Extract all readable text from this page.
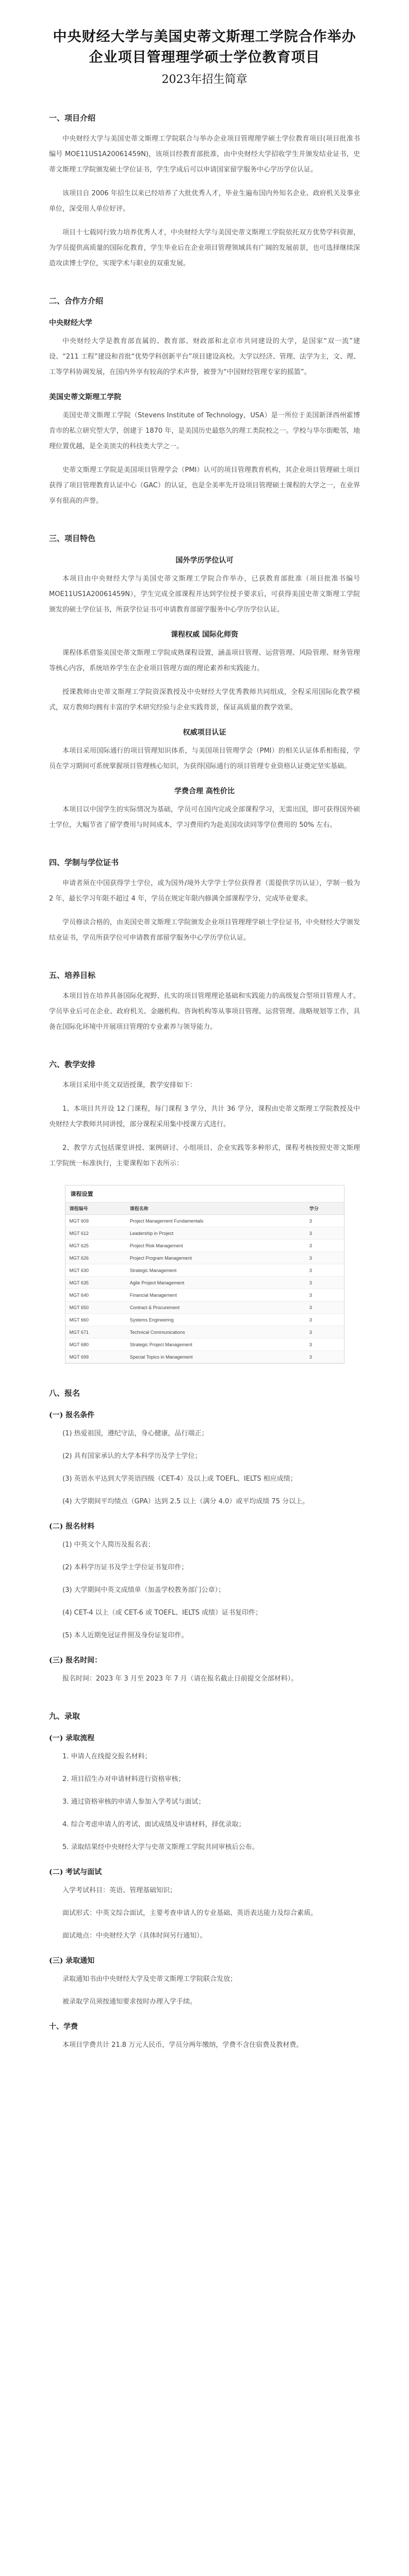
中央财经大学与美国史蒂文斯理工学院合作举办企业项目管理理学硕士学位教育项目
2023年招生简章
一、项目介绍

中央财经大学与美国史蒂文斯理工学院联合与举办企业项目管理理学硕士学位教育项目(项目批准书编号 MOE11US1A20061459N)，该项目经教育部批准，由中央财经大学招收学生并颁发结业证书，史蒂文斯理工学院颁发硕士学位证书，学生学成后可以申请国家留学服务中心学历学位认证。

该项目自 2006 年招生以来已经培养了大批优秀人才，毕业生遍布国内外知名企业、政府机关及事业单位，深受用人单位好评。

项目十七载同行致力培养优秀人才，中央财经大学与美国史蒂文斯理工学院依托双方优势学科资源，为学员提供高质量的国际化教育，学生毕业后在企业项目管理领域具有广阔的发展前景，也可选择继续深造攻读博士学位，实现学术与职业的双重发展。

二、合作方介绍
中央财经大学

中央财经大学是教育部直属的、教育部、财政部和北京市共同建设的大学，是国家“双一流”建设、“211 工程”建设和首批“优势学科创新平台”项目建设高校。大学以经济、管理、法学为主，文、理、工等学科协调发展，在国内外享有较高的学术声誉，被誉为“中国财经管理专家的摇篮”。

美国史蒂文斯理工学院

美国史蒂文斯理工学院（Stevens Institute of Technology，USA）是一所位于美国新泽西州霍博肯市的私立研究型大学，创建于 1870 年，是美国历史最悠久的理工类院校之一。学校与华尔街毗邻，地理位置优越，是全美顶尖的科技类大学之一。

史蒂文斯理工学院是美国项目管理学会（PMI）认可的项目管理教育机构，其企业项目管理硕士项目获得了项目管理教育认证中心（GAC）的认证，也是全美率先开设项目管理硕士课程的大学之一，在业界享有很高的声誉。

三、项目特色
国外学历学位认可

本项目由中央财经大学与美国史蒂文斯理工学院合作举办，已获教育部批准（项目批准书编号 MOE11US1A20061459N），学生完成全部课程并达到学位授予要求后，可获得美国史蒂文斯理工学院颁发的硕士学位证书，所获学位证书可申请教育部留学服务中心学历学位认证。

课程权威 国际化师资

课程体系借鉴美国史蒂文斯理工学院成熟课程设置，涵盖项目管理、运营管理、风险管理、财务管理等核心内容，系统培养学生在企业项目管理方面的理论素养和实践能力。

授课教师由史蒂文斯理工学院资深教授及中央财经大学优秀教师共同组成，全程采用国际化教学模式，双方教师均拥有丰富的学术研究经验与企业实践背景，保证高质量的教学效果。

权威项目认证

本项目采用国际通行的项目管理知识体系，与美国项目管理学会（PMI）的相关认证体系相衔接，学员在学习期间可系统掌握项目管理核心知识，为获得国际通行的项目管理专业资格认证奠定坚实基础。

学费合理 高性价比

本项目以中国学生的实际情况为基础，学员可在国内完成全部课程学习，无需出国，即可获得国外硕士学位，大幅节省了留学费用与时间成本，学习费用约为赴美国攻读同等学位费用的 50% 左右。

四、学制与学位证书

申请者须在中国获得学士学位，或为国外/境外大学学士学位获得者（需提供学历认证），学制一般为 2 年，最长学习年限不超过 4 年，学员在规定年限内修满全部课程学分，完成毕业要求。

学员修读合格的，由美国史蒂文斯理工学院颁发企业项目管理理学硕士学位证书，中央财经大学颁发结业证书，学员所获学位可申请教育部留学服务中心学历学位认证。

五、培养目标

本项目旨在培养具备国际化视野、扎实的项目管理理论基础和实践能力的高级复合型项目管理人才。学员毕业后可在企业、政府机关、金融机构、咨询机构等从事项目管理、运营管理、战略规划等工作，具备在国际化环境中开展项目管理的专业素养与领导能力。

六、教学安排

本项目采用中英文双语授课，教学安排如下：

1、本项目共开设 12 门课程，每门课程 3 学分，共计 36 学分，课程由史蒂文斯理工学院教授及中央财经大学教师共同讲授，部分课程采用集中授课方式进行。

2、教学方式包括课堂讲授、案例研讨、小组项目、企业实践等多种形式，课程考核按照史蒂文斯理工学院统一标准执行，主要课程如下表所示：

课程设置
课程编号	课程名称	学分
MGT 609	Project Management Fundamentals	3
MGT 612	Leadership in Project	3
MGT 625	Project Risk Management	3
MGT 626	Project Program Management	3
MGT 630	Strategic Management	3
MGT 635	Agile Project Management	3
MGT 640	Financial Management	3
MGT 650	Contract & Procurement	3
MGT 660	Systems Engineering	3
MGT 671	Technical Communications	3
MGT 680	Strategic Project Management	3
MGT 699	Special Topics in Management	3
八、报名
(一) 报名条件

(1) 热爱祖国，遵纪守法，身心健康，品行端正；

(2) 具有国家承认的大学本科学历及学士学位；

(3) 英语水平达到大学英语四级（CET-4）及以上或 TOEFL、IELTS 相应成绩；

(4) 大学期间平均绩点（GPA）达到 2.5 以上（满分 4.0）或平均成绩 75 分以上。

(二) 报名材料

(1) 中英文个人简历及报名表；

(2) 本科学历证书及学士学位证书复印件；

(3) 大学期间中英文成绩单（加盖学校教务部门公章）；

(4) CET-4 以上（或 CET-6 或 TOEFL、IELTS 成绩）证书复印件；

(5) 本人近期免冠证件照及身份证复印件。

(三) 报名时间：

报名时间：2023 年 3 月至 2023 年 7 月（请在报名截止日前提交全部材料）。

九、录取
(一) 录取流程

1. 申请人在线提交报名材料；

2. 项目招生办对申请材料进行资格审核；

3. 通过资格审核的申请人参加入学考试与面试；

4. 综合考虑申请人的考试、面试成绩及申请材料，择优录取；

5. 录取结果经中央财经大学与史蒂文斯理工学院共同审核后公布。

(二) 考试与面试

入学考试科目：英语、管理基础知识；

面试形式：中英文综合面试，主要考查申请人的专业基础、英语表达能力及综合素质。

面试地点：中央财经大学（具体时间另行通知）。

(三) 录取通知

录取通知书由中央财经大学及史蒂文斯理工学院联合发放；

被录取学员须按通知要求按时办理入学手续。

十、学费

本项目学费共计 21.8 万元人民币，学员分两年缴纳，学费不含住宿费及教材费。
